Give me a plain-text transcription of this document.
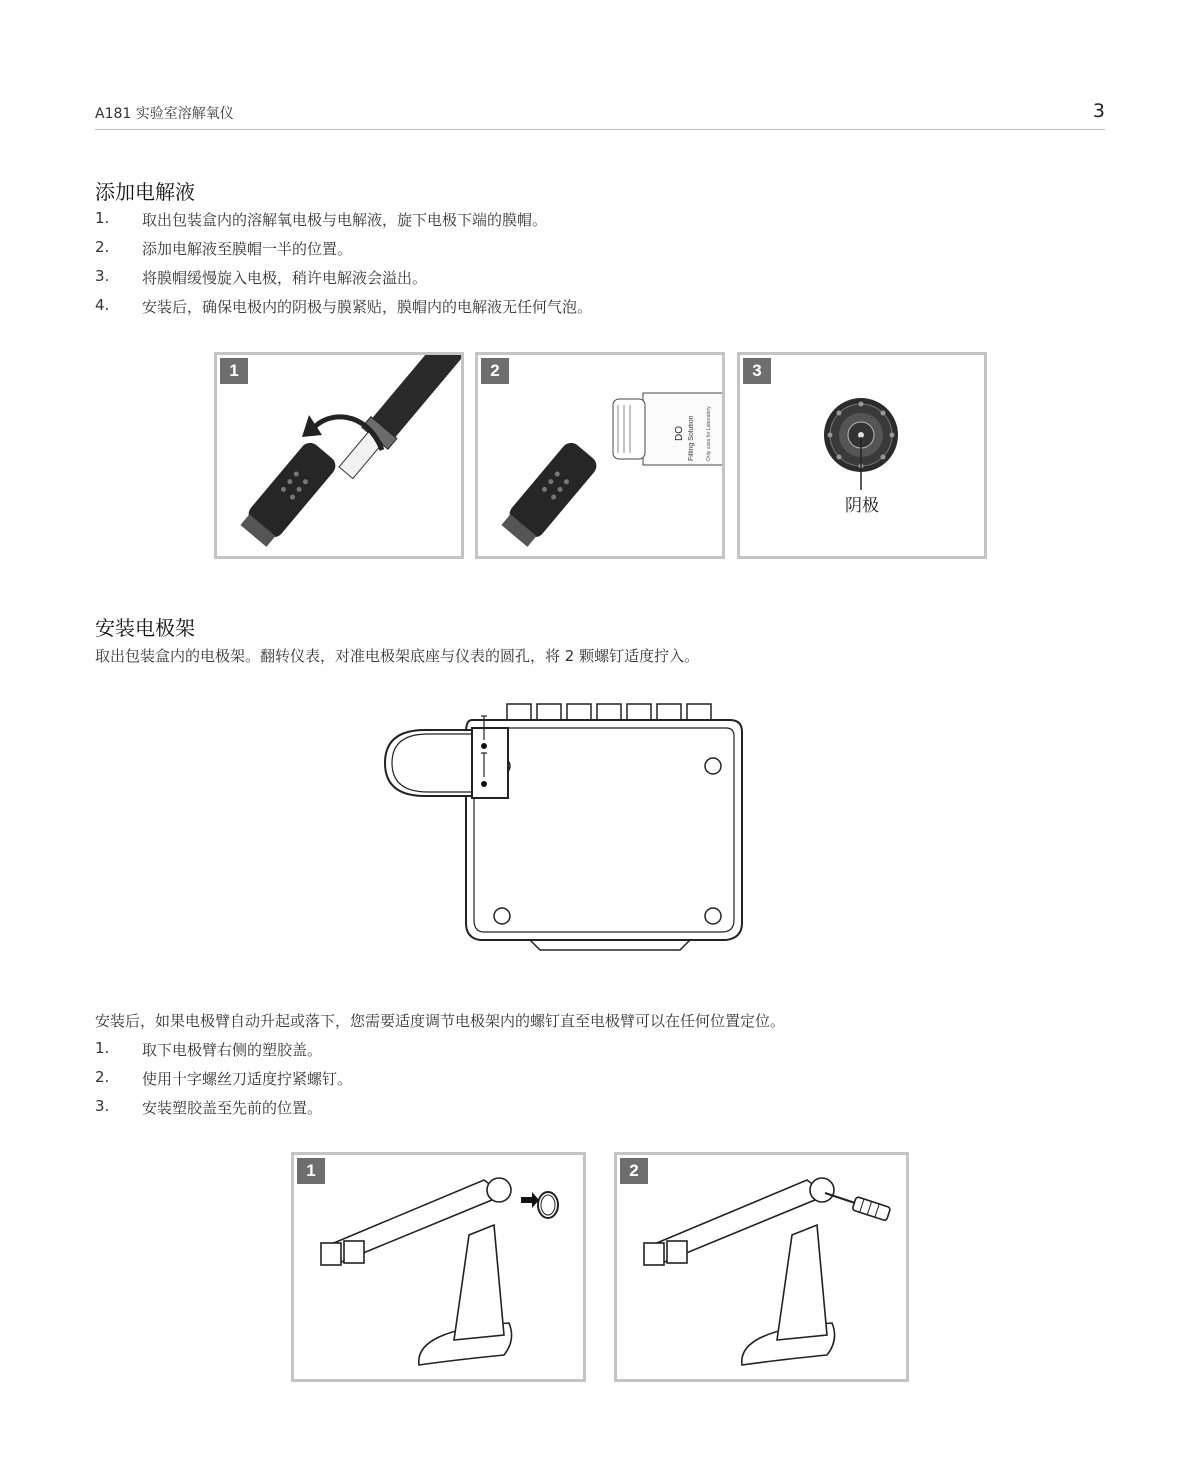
A181 实验室溶解氧仪	3
添加电解液
1.	取出包装盒内的溶解氧电极与电解液，旋下电极下端的膜帽。
2.	添加电解液至膜帽一半的位置。
3.	将膜帽缓慢旋入电极，稍许电解液会溢出。
4.	安装后，确保电极内的阴极与膜紧贴，膜帽内的电解液无任何气泡。
1	2
DO Filling Solution	Only uses for Laboratory
3
阴极
安装电极架
取出包装盒内的电极架。翻转仪表，对准电极架底座与仪表的圆孔，将 2 颗螺钉适度拧入。
安装后，如果电极臂自动升起或落下，您需要适度调节电极架内的螺钉直至电极臂可以在任何位置定位。
1.	取下电极臂右侧的塑胶盖。
2.	使用十字螺丝刀适度拧紧螺钉。
3.	安装塑胶盖至先前的位置。
1	2
